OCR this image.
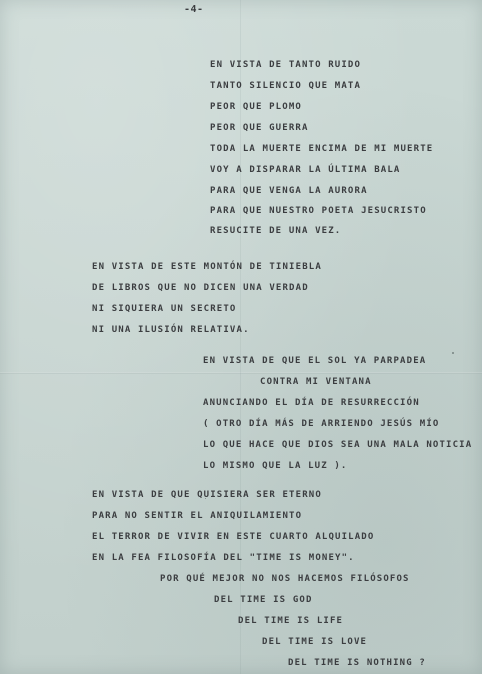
-4-

EN VISTA DE TANTO RUIDO

TANTO SILENCIO QUE MATA

PEOR QUE PLOMO

PEOR QUE GUERRA

TODA LA MUERTE ENCIMA DE MI MUERTE

VOY A DISPARAR LA ÚLTIMA BALA

PARA QUE VENGA LA AURORA

PARA QUE NUESTRO POETA JESUCRISTO

RESUCITE DE UNA VEZ.

EN VISTA DE ESTE MONTÓN DE TINIEBLA

DE LIBROS QUE NO DICEN UNA VERDAD

NI SIQUIERA UN SECRETO

NI UNA ILUSIÓN RELATIVA.

EN VISTA DE QUE EL SOL YA PARPADEA

CONTRA MI VENTANA

ANUNCIANDO EL DÍA DE RESURRECCIÓN

( OTRO DÍA MÁS DE ARRIENDO JESÚS MÍO

LO QUE HACE QUE DIOS SEA UNA MALA NOTICIA

LO MISMO QUE LA LUZ ).

EN VISTA DE QUE QUISIERA SER ETERNO

PARA NO SENTIR EL ANIQUILAMIENTO

EL TERROR DE VIVIR EN ESTE CUARTO ALQUILADO

EN LA FEA FILOSOFÍA DEL "TIME IS MONEY".

POR QUÉ MEJOR NO NOS HACEMOS FILÓSOFOS

DEL TIME IS GOD

DEL TIME IS LIFE

DEL TIME IS LOVE

DEL TIME IS NOTHING ?
